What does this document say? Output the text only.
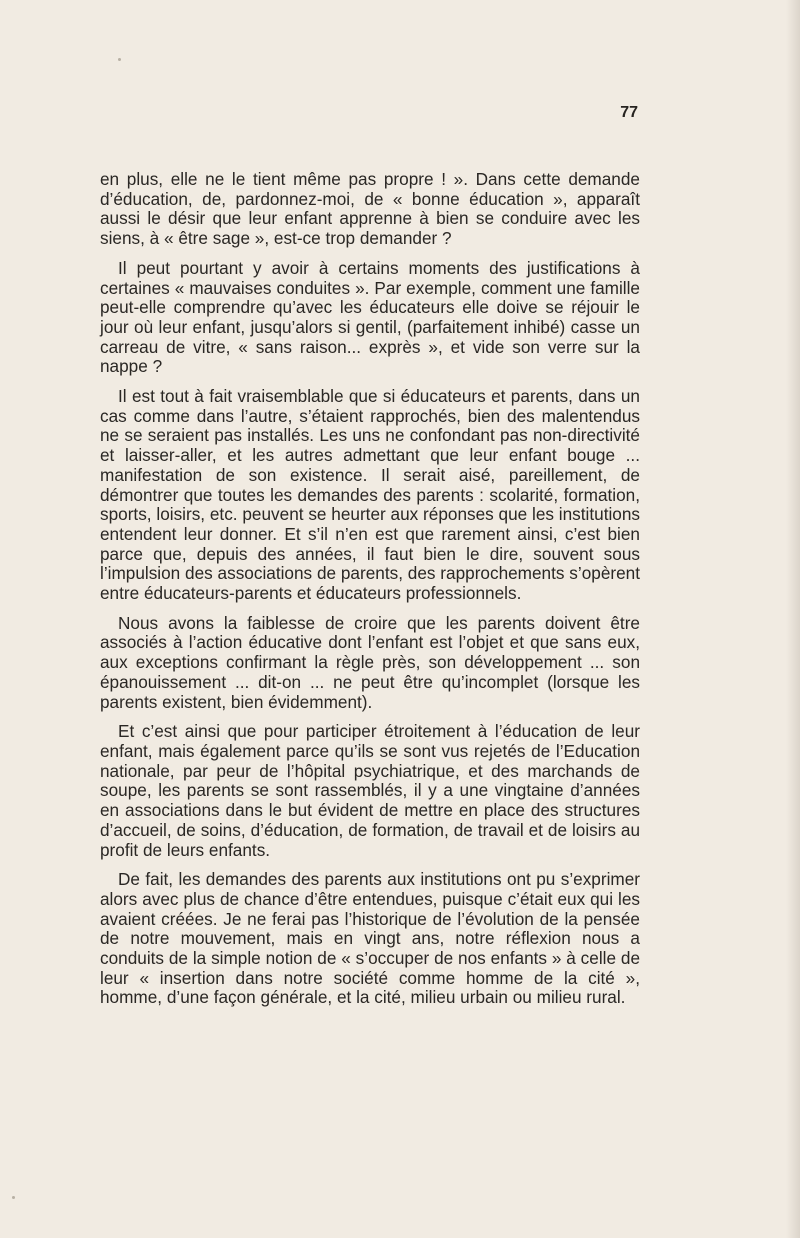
77

en plus, elle ne le tient même pas propre ! ». Dans cette demande d’éducation, de, pardonnez-moi, de « bonne éducation », apparaît aussi le désir que leur enfant apprenne à bien se conduire avec les siens, à « être sage », est-ce trop demander ?

Il peut pourtant y avoir à certains moments des justifications à certaines « mauvaises conduites ». Par exemple, comment une famille peut-elle comprendre qu’avec les éducateurs elle doive se réjouir le jour où leur enfant, jusqu’alors si gentil, (parfaitement inhibé) casse un carreau de vitre, « sans raison... exprès », et vide son verre sur la nappe ?

Il est tout à fait vraisemblable que si éducateurs et parents, dans un cas comme dans l’autre, s’étaient rapprochés, bien des malentendus ne se seraient pas installés. Les uns ne confondant pas non-directivité et laisser-aller, et les autres admettant que leur enfant bouge ... manifestation de son existence. Il serait aisé, pareillement, de démontrer que toutes les demandes des parents : scolarité, formation, sports, loisirs, etc. peuvent se heurter aux réponses que les institutions entendent leur donner. Et s’il n’en est que rarement ainsi, c’est bien parce que, depuis des années, il faut bien le dire, souvent sous l’impulsion des associations de parents, des rapprochements s’opèrent entre éducateurs-parents et éducateurs professionnels.

Nous avons la faiblesse de croire que les parents doivent être associés à l’action éducative dont l’enfant est l’objet et que sans eux, aux exceptions confirmant la règle près, son développement ... son épanouissement ... dit-on ... ne peut être qu’incomplet (lorsque les parents existent, bien évidemment).

Et c’est ainsi que pour participer étroitement à l’éducation de leur enfant, mais également parce qu’ils se sont vus rejetés de l’Education nationale, par peur de l’hôpital psychiatrique, et des marchands de soupe, les parents se sont rassemblés, il y a une vingtaine d’années en associations dans le but évident de mettre en place des structures d’accueil, de soins, d’éducation, de formation, de travail et de loisirs au profit de leurs enfants.

De fait, les demandes des parents aux institutions ont pu s’exprimer alors avec plus de chance d’être entendues, puisque c’était eux qui les avaient créées. Je ne ferai pas l’historique de l’évolution de la pensée de notre mouvement, mais en vingt ans, notre réflexion nous a conduits de la simple notion de « s’occuper de nos enfants » à celle de leur « insertion dans notre société comme homme de la cité », homme, d’une façon générale, et la cité, milieu urbain ou milieu rural.
